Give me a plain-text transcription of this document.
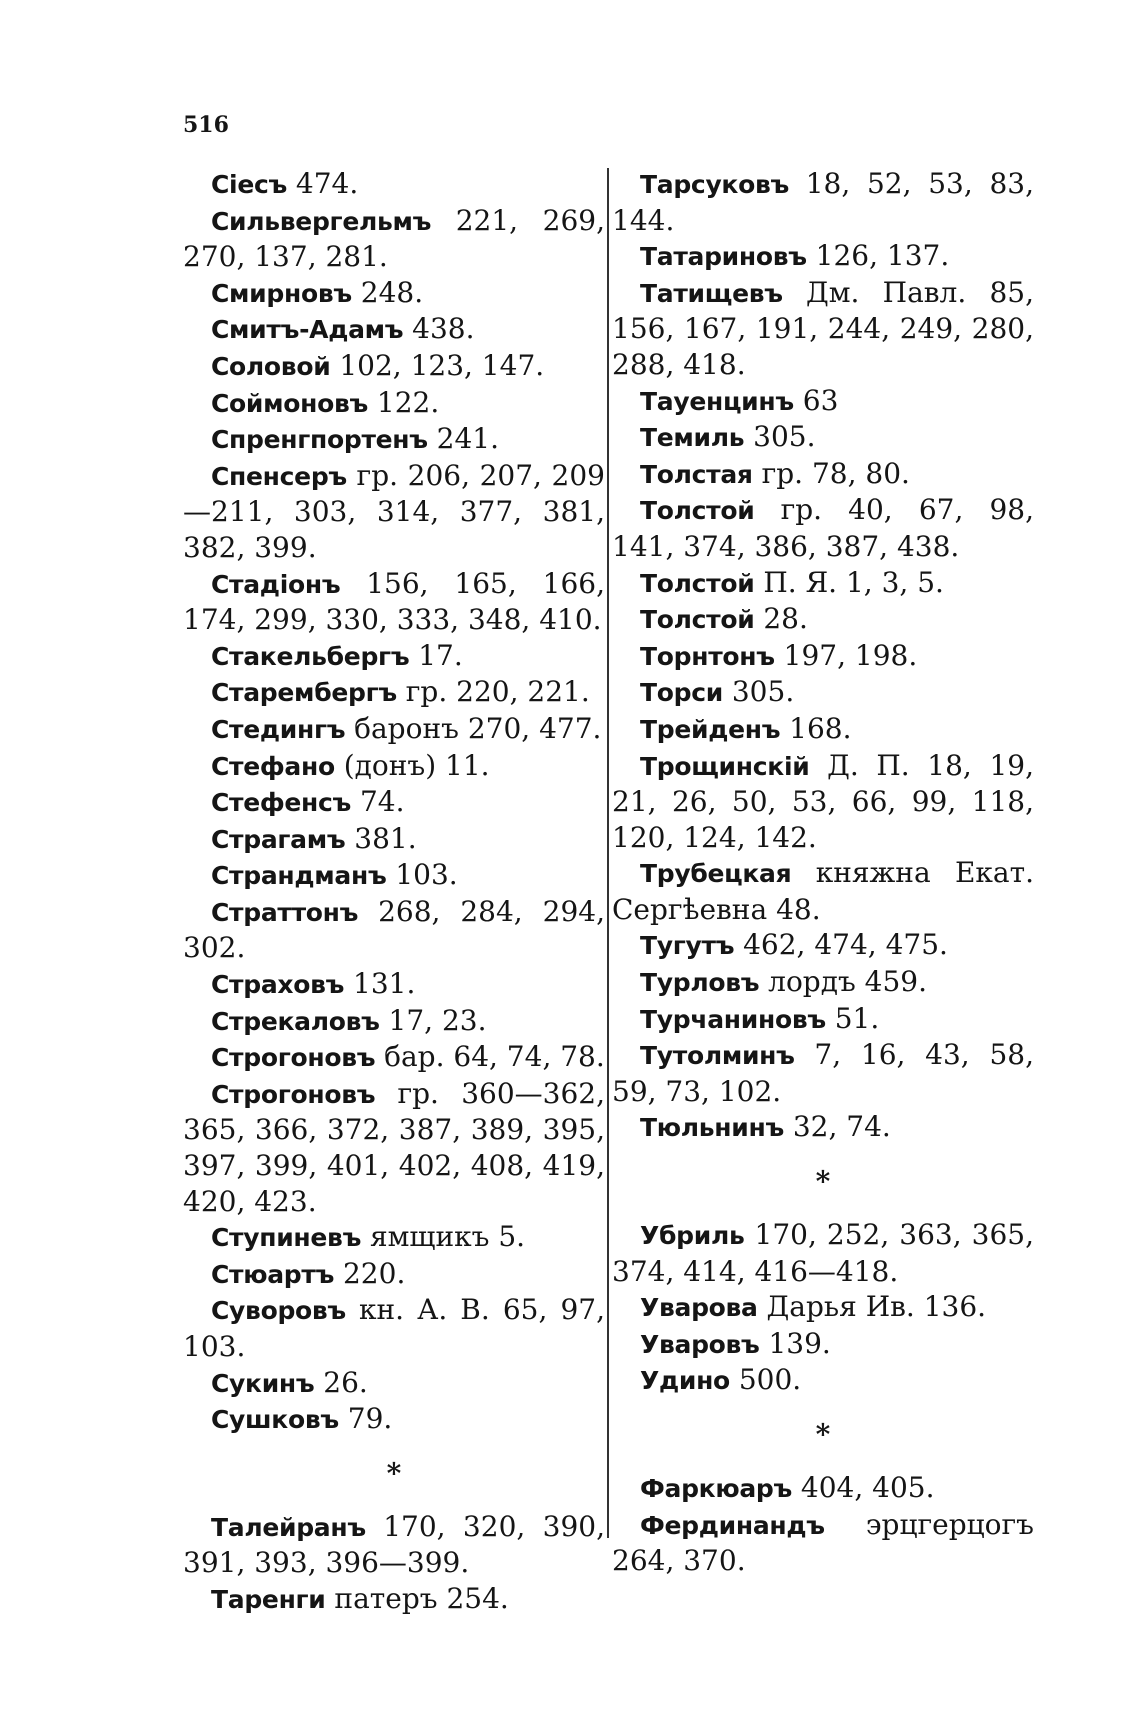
516
Сіесъ 474.
Сильвергельмъ 221, 269, 270, 137, 281.
Смирновъ 248.
Смитъ-Адамъ 438.
Соловой 102, 123, 147.
Соймоновъ 122.
Спренгпортенъ 241.
Спенсеръ гр. 206, 207, 209—211, 303, 314, 377, 381, 382, 399.
Стадіонъ 156, 165, 166, 174, 299, 330, 333, 348, 410.
Стакельбергъ 17.
Старембергъ гр. 220, 221.
Стедингъ баронъ 270, 477.
Стефано (донъ) 11.
Стефенсъ 74.
Страгамъ 381.
Страндманъ 103.
Страттонъ 268, 284, 294, 302.
Страховъ 131.
Стрекаловъ 17, 23.
Строгоновъ бар. 64, 74, 78.
Строгоновъ гр. 360—362, 365, 366, 372, 387, 389, 395, 397, 399, 401, 402, 408, 419, 420, 423.
Ступиневъ ямщикъ 5.
Стюартъ 220.
Суворовъ кн. А. В. 65, 97, 103.
Сукинъ 26.
Сушковъ 79.
*
Талейранъ 170, 320, 390, 391, 393, 396—399.
Таренги патеръ 254.
Тарсуковъ 18, 52, 53, 83, 144.
Татариновъ 126, 137.
Татищевъ Дм. Павл. 85, 156, 167, 191, 244, 249, 280, 288, 418.
Тауенцинъ 63
Темиль 305.
Толстая гр. 78, 80.
Толстой гр. 40, 67, 98, 141, 374, 386, 387, 438.
Толстой П. Я. 1, 3, 5.
Толстой 28.
Торнтонъ 197, 198.
Торси 305.
Трейденъ 168.
Трощинскій Д. П. 18, 19, 21, 26, 50, 53, 66, 99, 118, 120, 124, 142.
Трубецкая княжна Екат. Сергѣевна 48.
Тугутъ 462, 474, 475.
Турловъ лордъ 459.
Турчаниновъ 51.
Тутолминъ 7, 16, 43, 58, 59, 73, 102.
Тюльнинъ 32, 74.
*
Убриль 170, 252, 363, 365, 374, 414, 416—418.
Уварова Дарья Ив. 136.
Уваровъ 139.
Удино 500.
*
Фаркюаръ 404, 405.
Фердинандъ эрцгерцогъ 264, 370.
